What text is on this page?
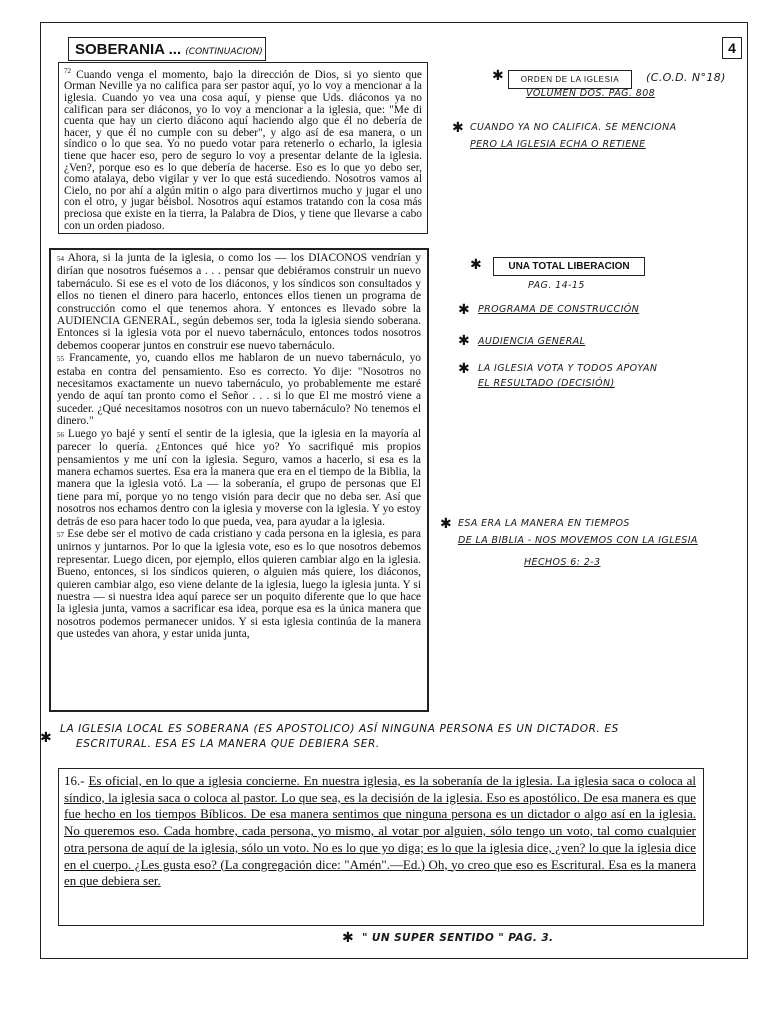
SOBERANIA ... (CONTINUACION)	4
$^{72}$ Cuando venga el momento, bajo la dirección de Dios, si yo siento que Orman Neville ya no califica para ser pastor aquí, yo lo voy a mencionar a la iglesia. Cuando yo vea una cosa aquí, y piense que Uds. diáconos ya no califican para ser diáconos, yo lo voy a mencionar a la iglesia, que: "Me di cuenta que hay un cierto diácono aquí haciendo algo que él no debería de hacer, y que él no cumple con su deber", y algo así de esa manera, o un síndico o lo que sea. Yo no puedo votar para retenerlo o echarlo, la iglesia tiene que hacer eso, pero de seguro lo voy a presentar delante de la iglesia. ¿Ven?, porque eso es lo que debería de hacerse. Eso es lo que yo debo ser, como atalaya, debo vigilar y ver lo que está sucediendo. Nosotros vamos al Cielo, no por ahí a algún mitin o algo para divertirnos mucho y jugar el uno con el otro, y jugar béisbol. Nosotros aquí estamos tratando con la cosa más preciosa que existe en la tierra, la Palabra de Dios, y tiene que llevarse a cabo con un orden piadoso.
54 Ahora, si la junta de la iglesia, o como los — los DIACONOS vendrían y dirían que nosotros fuésemos a . . . pensar que debiéramos construir un nuevo tabernáculo. Si ese es el voto de los diáconos, y los síndicos son consultados y ellos no tienen el dinero para hacerlo, entonces ellos tienen un programa de construcción como el que tenemos ahora. Y entonces es llevado sobre la AUDIENCIA GENERAL, según debemos ser, toda la iglesia siendo soberana. Entonces si la iglesia vota por el nuevo tabernáculo, entonces todos nosotros debemos cooperar juntos en construir ese nuevo tabernáculo.
55 Francamente, yo, cuando ellos me hablaron de un nuevo tabernáculo, yo estaba en contra del pensamiento. Eso es correcto. Yo dije: "Nosotros no necesitamos exactamente un nuevo tabernáculo, yo probablemente me estaré yendo de aquí tan pronto como el Señor . . . si lo que El me mostró viene a suceder. ¿Qué necesitamos nosotros con un nuevo tabernáculo? No tenemos el dinero."
56 Luego yo bajé y sentí el sentir de la iglesia, que la iglesia en la mayoría al parecer lo quería. ¿Entonces qué hice yo? Yo sacrifiqué mis propios pensamientos y me uní con la iglesia. Seguro, vamos a hacerlo, si esa es la manera echamos suertes. Esa era la manera que era en el tiempo de la Biblia, la manera que la iglesia votó. La — la soberanía, el grupo de personas que El tiene para mí, porque yo no tengo visión para decir que no deba ser. Así que nosotros nos echamos dentro con la iglesia y moverse con la iglesia. Y yo estoy detrás de eso para hacer todo lo que pueda, vea, para ayudar a la iglesia.
57 Ese debe ser el motivo de cada cristiano y cada persona en la iglesia, es para unirnos y juntarnos. Por lo que la iglesia vote, eso es lo que nosotros debemos representar. Luego dicen, por ejemplo, ellos quieren cambiar algo en la iglesia. Bueno, entonces, si los síndicos quieren, o alguien más quiere, los diáconos, quieren cambiar algo, eso viene delante de la iglesia, luego la iglesia junta. Y si nuestra — si nuestra idea aquí parece ser un poquito diferente que lo que hace la iglesia junta, vamos a sacrificar esa idea, porque esa es la única manera que nosotros podemos permanecer unidos. Y si esta iglesia continúa de la manera que ustedes van ahora, y estar unida junta,
16.- Es oficial, en lo que a iglesia concierne. En nuestra iglesia, es la soberanía de la iglesia. La iglesia saca o coloca al síndico, la iglesia saca o coloca al pastor. Lo que sea, es la decisión de la iglesia. Eso es apostólico. De esa manera es que fue hecho en los tiempos Bíblicos. De esa manera sentimos que ninguna persona es un dictador o algo así en la iglesia. No queremos eso. Cada hombre, cada persona, yo mismo, al votar por alguien, sólo tengo un voto, tal como cualquier otra persona de aquí de la iglesia, sólo un voto. No es lo que yo diga; es lo que la iglesia dice, ¿ven? lo que la iglesia dice en el cuerpo. ¿Les gusta eso? (La congregación dice: "Amén".—Ed.) Oh, yo creo que eso es Escritural. Esa es la manera en que debiera ser.
✱	ORDEN DE LA IGLESIA	(C.O.D. N°18)
VOLUMEN DOS. PAG. 808
✱ CUANDO YA NO CALIFICA. SE MENCIONA
PERO LA IGLESIA ECHA O RETIENE
✱	UNA TOTAL LIBERACION
PAG. 14-15
✱ PROGRAMA DE CONSTRUCCIÓN
✱ AUDIENCIA GENERAL
✱ LA IGLESIA VOTA Y TODOS APOYAN
EL RESULTADO (DECISIÓN)
✱ ESA ERA LA MANERA EN TIEMPOS
DE LA BIBLIA - NOS MOVEMOS CON LA IGLESIA
HECHOS 6: 2-3
✱
LA IGLESIA LOCAL ES SOBERANA (ES APOSTOLICO) ASÍ NINGUNA PERSONA ES UN DICTADOR. ES
ESCRITURAL. ESA ES LA MANERA QUE DEBIERA SER.
✱ " UN SUPER SENTIDO " PAG. 3.
